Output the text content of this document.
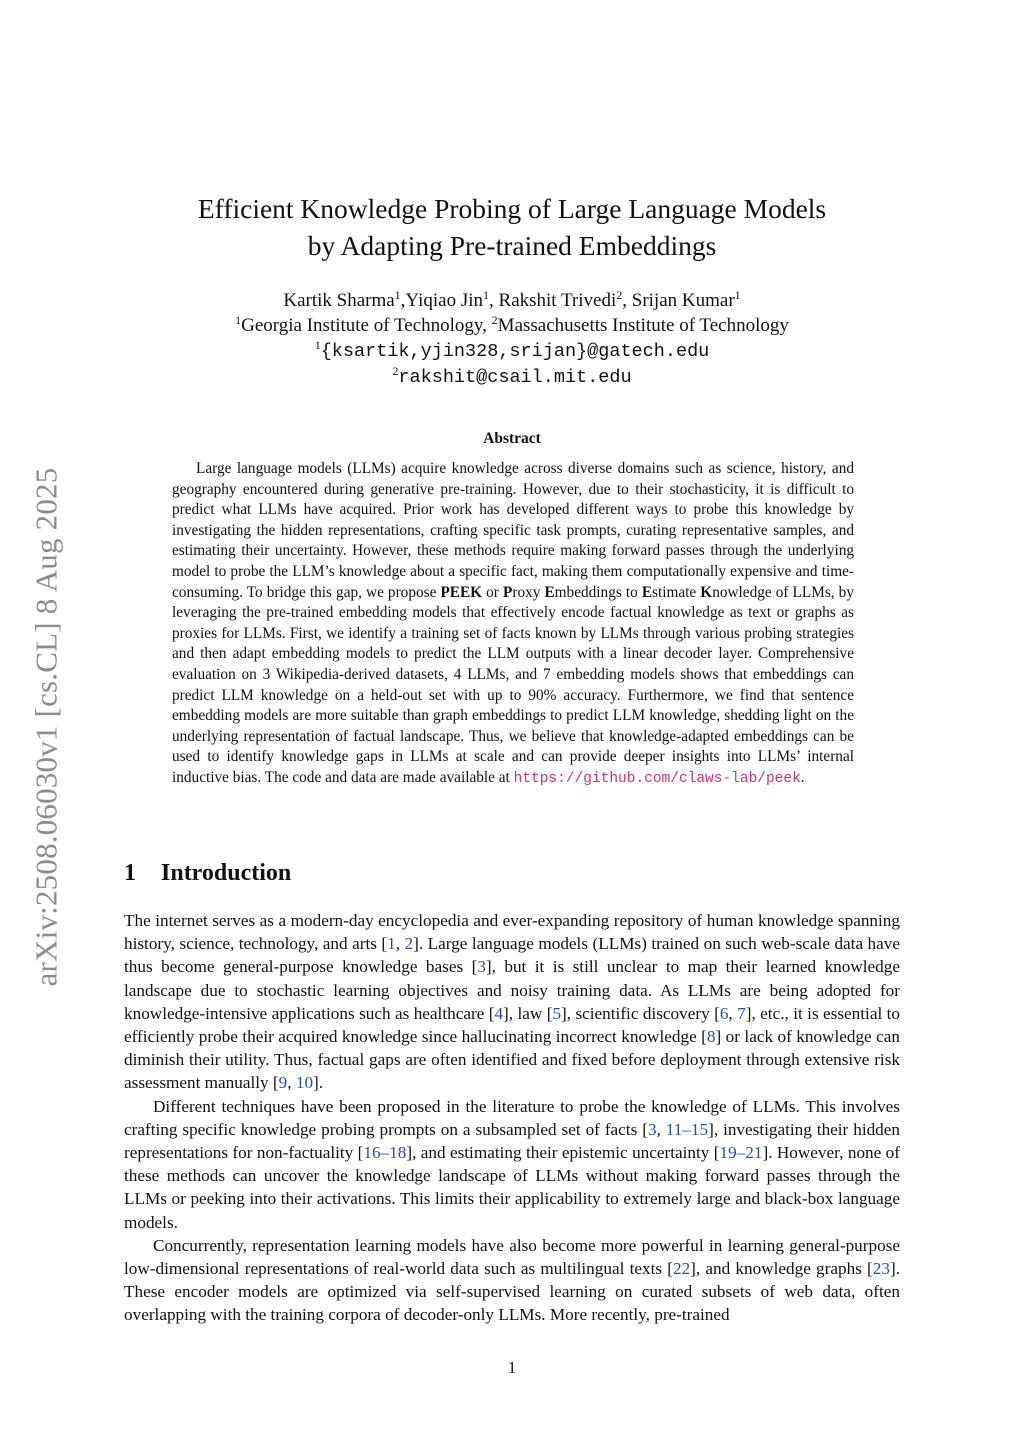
arXiv:2508.06030v1 [cs.CL] 8 Aug 2025
Efficient Knowledge Probing of Large Language Models
by Adapting Pre-trained Embeddings
Kartik Sharma$^1$,Yiqiao Jin$^1$, Rakshit Trivedi$^2$, Srijan Kumar$^1$
$^1$Georgia Institute of Technology, $^2$Massachusetts Institute of Technology
$^1${ksartik,yjin328,srijan}@gatech.edu
$^2$rakshit@csail.mit.edu
Abstract

Large language models (LLMs) acquire knowledge across diverse domains such as science, history, and geography encountered during generative pre-training. However, due to their stochasticity, it is difficult to predict what LLMs have acquired. Prior work has developed different ways to probe this knowledge by investigating the hidden representations, crafting specific task prompts, curating representative samples, and estimating their uncertainty. However, these methods require making forward passes through the underlying model to probe the LLM’s knowledge about a specific fact, making them computationally expensive and time-consuming. To bridge this gap, we propose PEEK or Proxy Embeddings to Estimate Knowledge of LLMs, by leveraging the pre-trained embedding models that effectively encode factual knowledge as text or graphs as proxies for LLMs. First, we identify a training set of facts known by LLMs through various probing strategies and then adapt embedding models to predict the LLM outputs with a linear decoder layer. Comprehensive evaluation on 3 Wikipedia-derived datasets, 4 LLMs, and 7 embedding models shows that embeddings can predict LLM knowledge on a held-out set with up to 90% accuracy. Furthermore, we find that sentence embedding models are more suitable than graph embeddings to predict LLM knowledge, shedding light on the underlying representation of factual landscape. Thus, we believe that knowledge-adapted embeddings can be used to identify knowledge gaps in LLMs at scale and can provide deeper insights into LLMs’ internal inductive bias. The code and data are made available at https://github.com/claws-lab/peek.

1 Introduction

The internet serves as a modern-day encyclopedia and ever-expanding repository of human knowledge spanning history, science, technology, and arts [1, 2]. Large language models (LLMs) trained on such web-scale data have thus become general-purpose knowledge bases [3], but it is still unclear to map their learned knowledge landscape due to stochastic learning objectives and noisy training data. As LLMs are being adopted for knowledge-intensive applications such as healthcare [4], law [5], scientific discovery [6, 7], etc., it is essential to efficiently probe their acquired knowledge since hallucinating incorrect knowledge [8] or lack of knowledge can diminish their utility. Thus, factual gaps are often identified and fixed before deployment through extensive risk assessment manually [9, 10].

Different techniques have been proposed in the literature to probe the knowledge of LLMs. This involves crafting specific knowledge probing prompts on a subsampled set of facts [3, 11–15], investigating their hidden representations for non-factuality [16–18], and estimating their epistemic uncertainty [19–21]. However, none of these methods can uncover the knowledge landscape of LLMs without making forward passes through the LLMs or peeking into their activations. This limits their applicability to extremely large and black-box language models.

Concurrently, representation learning models have also become more powerful in learning general-purpose low-dimensional representations of real-world data such as multilingual texts [22], and knowledge graphs [23]. These encoder models are optimized via self-supervised learning on curated subsets of web data, often overlapping with the training corpora of decoder-only LLMs. More recently, pre-trained

1
